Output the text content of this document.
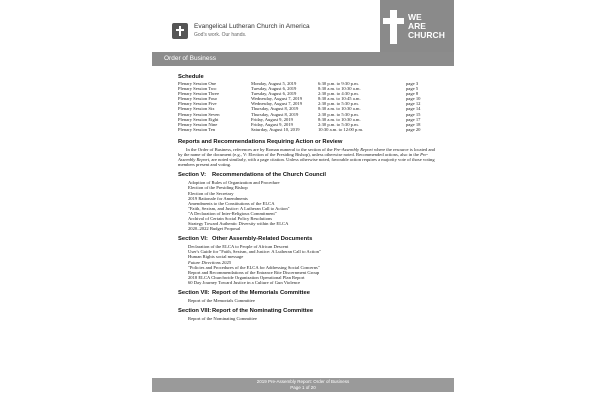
Evangelical Lutheran Church in America
God's work. Our hands.
WE
ARE
CHURCH
Order of Business
Schedule
Plenary Session One	Monday, August 5, 2019	6:30 p.m. to 9:30 p.m.	page 3
Plenary Session Two	Tuesday, August 6, 2019	8:30 a.m. to 10:30 a.m.	page 5
Plenary Session Three	Tuesday, August 6, 2019	2:30 p.m. to 4:30 p.m.	page 8
Plenary Session Four	Wednesday, August 7, 2019	8:30 a.m. to 10:45 a.m.	page 10
Plenary Session Five	Wednesday, August 7, 2019	2:30 p.m. to 5:30 p.m.	page 12
Plenary Session Six	Thursday, August 8, 2019	8:30 a.m. to 10:30 a.m.	page 14
Plenary Session Seven	Thursday, August 8, 2019	2:30 p.m. to 5:30 p.m.	page 15
Plenary Session Eight	Friday, August 9, 2019	8:30 a.m. to 10:30 a.m.	page 17
Plenary Session Nine	Friday, August 9, 2019	2:30 p.m. to 5:30 p.m.	page 18
Plenary Session Ten	Saturday, August 10, 2019	10:30 a.m. to 12:00 p.m.	page 20
Reports and Recommendations Requiring Action or Review
In the Order of Business, references are by Roman numeral to the section of the Pre-Assembly Report where the resource is located and by the name of the document (e.g., V: Election of the Presiding Bishop), unless otherwise noted. Recommended actions, also in the Pre-Assembly Report, are noted similarly, with a page citation. Unless otherwise noted, favorable action requires a majority vote of those voting members present and voting.
Section V:	Recommendations of the Church Council
Adoption of Rules of Organization and Procedure
Election of the Presiding Bishop
Election of the Secretary
2019 Rationale for Amendments
Amendments to the Constitutions of the ELCA
"Faith, Sexism, and Justice: A Lutheran Call to Action"
"A Declaration of Inter-Religious Commitment"
Archival of Certain Social Policy Resolutions
Strategy Toward Authentic Diversity within the ELCA
2020–2022 Budget Proposal
Section VI: Other Assembly-Related Documents
Declaration of the ELCA to People of African Descent
User's Guide for "Faith, Sexism, and Justice: A Lutheran Call to Action"
Human Rights social message
Future Directions 2025
"Policies and Procedures of the ELCA for Addressing Social Concerns"
Report and Recommendations of the Entrance Rite Discernment Group
2018 ELCA Churchwide Organization Operational Plan Report
60 Day Journey Toward Justice in a Culture of Gun Violence
Section VII: Report of the Memorials Committee
Report of the Memorials Committee
Section VIII: Report of the Nominating Committee
Report of the Nominating Committee
2019 Pre-Assembly Report: Order of Business
Page 1 of 20
